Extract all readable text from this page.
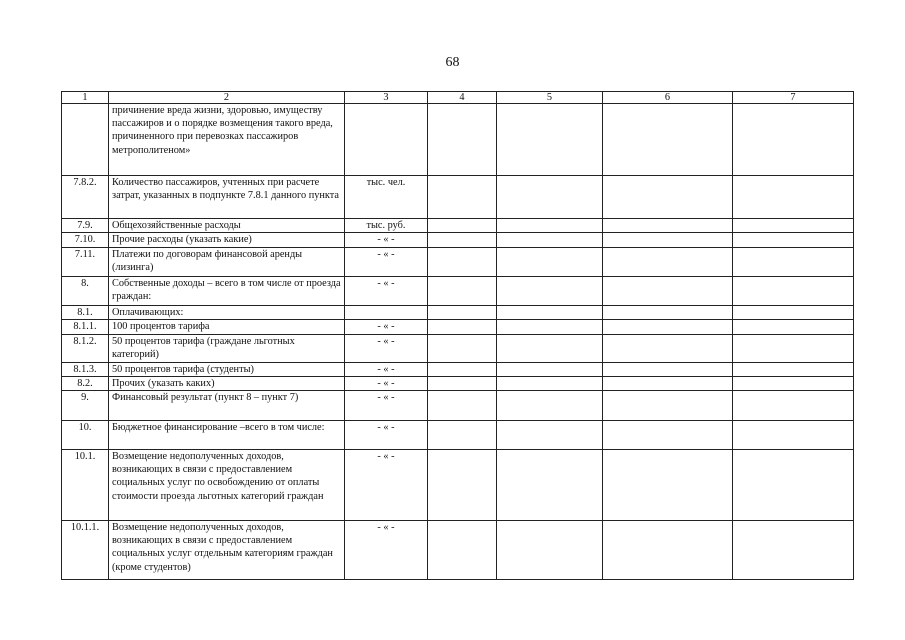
68
1	2	3	4	5	6	7
	причинение вреда жизни, здоровью, имуществу пассажиров и о порядке возмещения такого вреда, причиненного при перевозках пассажиров метрополитеном»					
7.8.2.	Количество пассажиров, учтенных при расчете затрат, указанных в подпункте 7.8.1 данного пункта	тыс. чел.				
7.9.	Общехозяйственные расходы	тыс. руб.				
7.10.	Прочие расходы (указать какие)	- « -				
7.11.	Платежи по договорам финансовой аренды (лизинга)	- « -				
8.	Собственные доходы – всего в том числе от проезда граждан:	- « -				
8.1.	Оплачивающих:					
8.1.1.	100 процентов тарифа	- « -				
8.1.2.	50 процентов тарифа (граждане льготных категорий)	- « -				
8.1.3.	50 процентов тарифа (студенты)	- « -				
8.2.	Прочих (указать каких)	- « -				
9.	Финансовый результат (пункт 8 – пункт 7)	- « -				
10.	Бюджетное финансирование –всего в том числе:	- « -				
10.1.	Возмещение недополученных доходов, возникающих в связи с предоставлением социальных услуг по освобождению от оплаты стоимости проезда льготных категорий граждан	- « -				
10.1.1.	Возмещение недополученных доходов, возникающих в связи с предоставлением социальных услуг отдельным категориям граждан (кроме студентов)	- « -				
